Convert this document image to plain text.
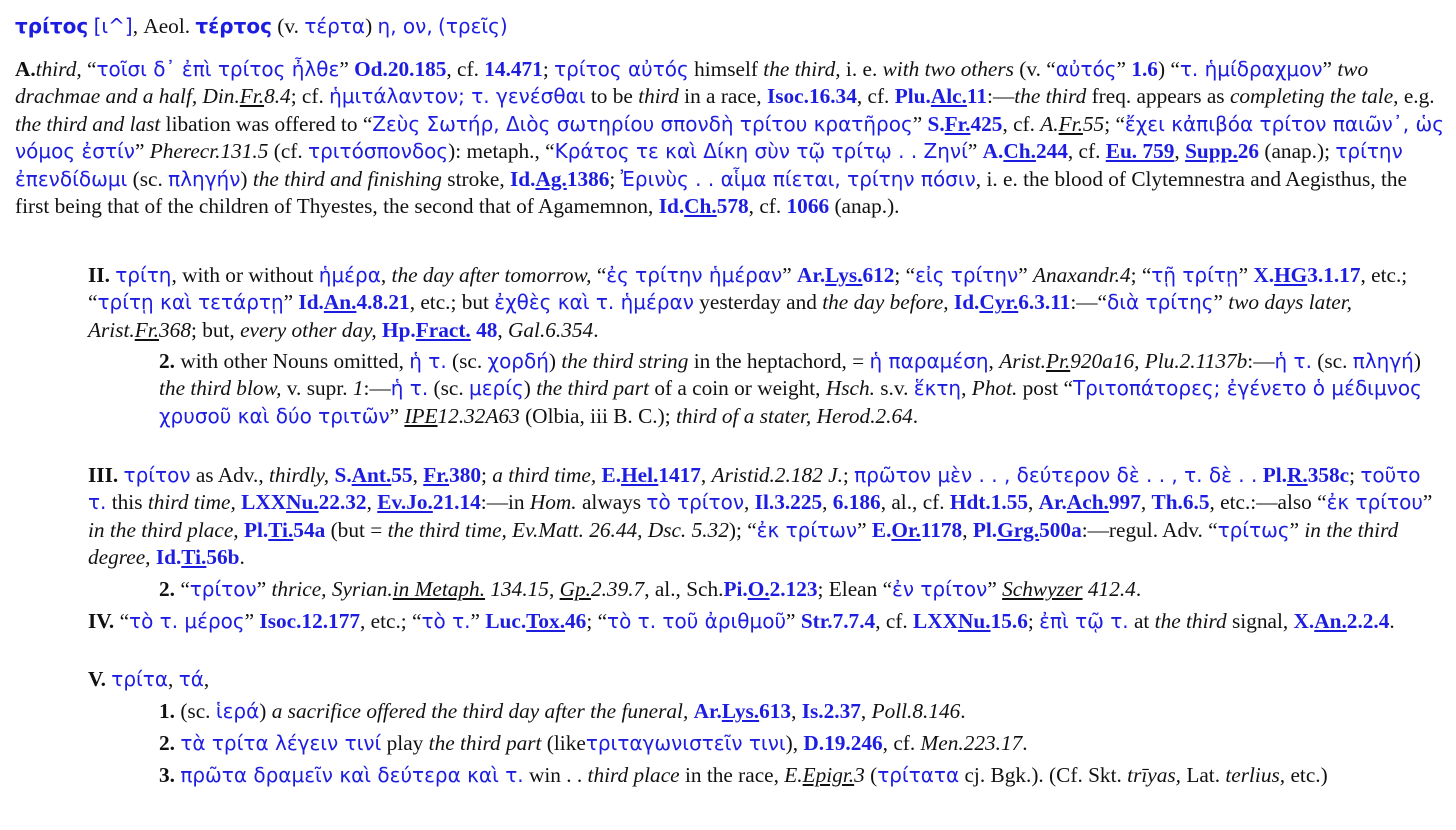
τρίτος [ι^], Aeol. τέρτος (v. τέρτα) η, ον, (τρεῖς)

A.third, “τοῖσι δ᾽ ἐπὶ τρίτος ἦλθε” Od.20.185, cf. 14.471; τρίτος αὐτός himself the third, i. e. with two others (v. “αὐτός” 1.6) “τ. ἡμίδραχμον” two drachmae and a half, Din.Fr.8.4; cf. ἡμιτάλαντον; τ. γενέσθαι to be third in a race, Isoc.16.34, cf. Plu.Alc.11:—the third freq. appears as completing the tale, e.g. the third and last libation was offered to “Ζεὺς Σωτήρ, Διὸς σωτηρίου σπονδὴ τρίτου κρατῆρος” S.Fr.425, cf. A.Fr.55; “ἔχει κἀπιβόα τρίτον παιῶν᾽, ὡς νόμος ἐστίν” Pherecr.131.5 (cf. τριτόσπονδος): metaph., “Κράτος τε καὶ Δίκη σὺν τῷ τρίτῳ . . Ζηνί” A.Ch.244, cf. Eu. 759, Supp.26 (anap.); τρίτην ἐπενδίδωμι (sc. πληγήν) the third and finishing stroke, Id.Ag.1386; Ἐρινὺς . . αἷμα πίεται, τρίτην πόσιν, i. e. the blood of Clytemnestra and Aegisthus, the first being that of the children of Thyestes, the second that of Agamemnon, Id.Ch.578, cf. 1066 (anap.).

II. τρίτη, with or without ἡμέρα, the day after tomorrow, “ἐς τρίτην ἡμέραν” Ar.Lys.612; “εἰς τρίτην” Anaxandr.4; “τῇ τρίτῃ” X.HG3.1.17, etc.; “τρίτῃ καὶ τετάρτῃ” Id.An.4.8.21, etc.; but ἐχθὲς καὶ τ. ἡμέραν yesterday and the day before, Id.Cyr.6.3.11:—“διὰ τρίτης” two days later, Arist.Fr.368; but, every other day, Hp.Fract. 48, Gal.6.354.

2. with other Nouns omitted, ἡ τ. (sc. χορδή) the third string in the heptachord, = ἡ παραμέση, Arist.Pr.920a16, Plu.2.1137b:—ἡ τ. (sc. πληγή) the third blow, v. supr. 1:—ἡ τ. (sc. μερίς) the third part of a coin or weight, Hsch. s.v. ἕκτη, Phot. post “Τριτοπάτορες; ἐγένετο ὁ μέδιμνος χρυσοῦ καὶ δύο τριτῶν” IPE12.32A63 (Olbia, iii B. C.); third of a stater, Herod.2.64.

III. τρίτον as Adv., thirdly, S.Ant.55, Fr.380; a third time, E.Hel.1417, Aristid.2.182 J.; πρῶτον μὲν . . , δεύτερον δὲ . . , τ. δὲ . . Pl.R.358c; τοῦτο τ. this third time, LXXNu.22.32, Ev.Jo.21.14:—in Hom. always τὸ τρίτον, Il.3.225, 6.186, al., cf. Hdt.1.55, Ar.Ach.997, Th.6.5, etc.:—also “ἐκ τρίτου” in the third place, Pl.Ti.54a (but = the third time, Ev.Matt. 26.44, Dsc. 5.32); “ἐκ τρίτων” E.Or.1178, Pl.Grg.500a:—regul. Adv. “τρίτως” in the third degree, Id.Ti.56b.

2. “τρίτον” thrice, Syrian.in Metaph. 134.15, Gp.2.39.7, al., Sch.Pi.O.2.123; Elean “ἐν τρίτον” Schwyzer 412.4.

IV. “τὸ τ. μέρος” Isoc.12.177, etc.; “τὸ τ.” Luc.Tox.46; “τὸ τ. τοῦ ἀριθμοῦ” Str.7.7.4, cf. LXXNu.15.6; ἐπὶ τῷ τ. at the third signal, X.An.2.2.4.

V. τρίτα, τά,

1. (sc. ἱερά) a sacrifice offered the third day after the funeral, Ar.Lys.613, Is.2.37, Poll.8.146.

2. τὰ τρίτα λέγειν τινί play the third part (likeτριταγωνιστεῖν τινι), D.19.246, cf. Men.223.17.

3. πρῶτα δραμεῖν καὶ δεύτερα καὶ τ. win . . third place in the race, E.Epigr.3 (τρίτατα cj. Bgk.). (Cf. Skt. trīyas, Lat. terlius, etc.)
